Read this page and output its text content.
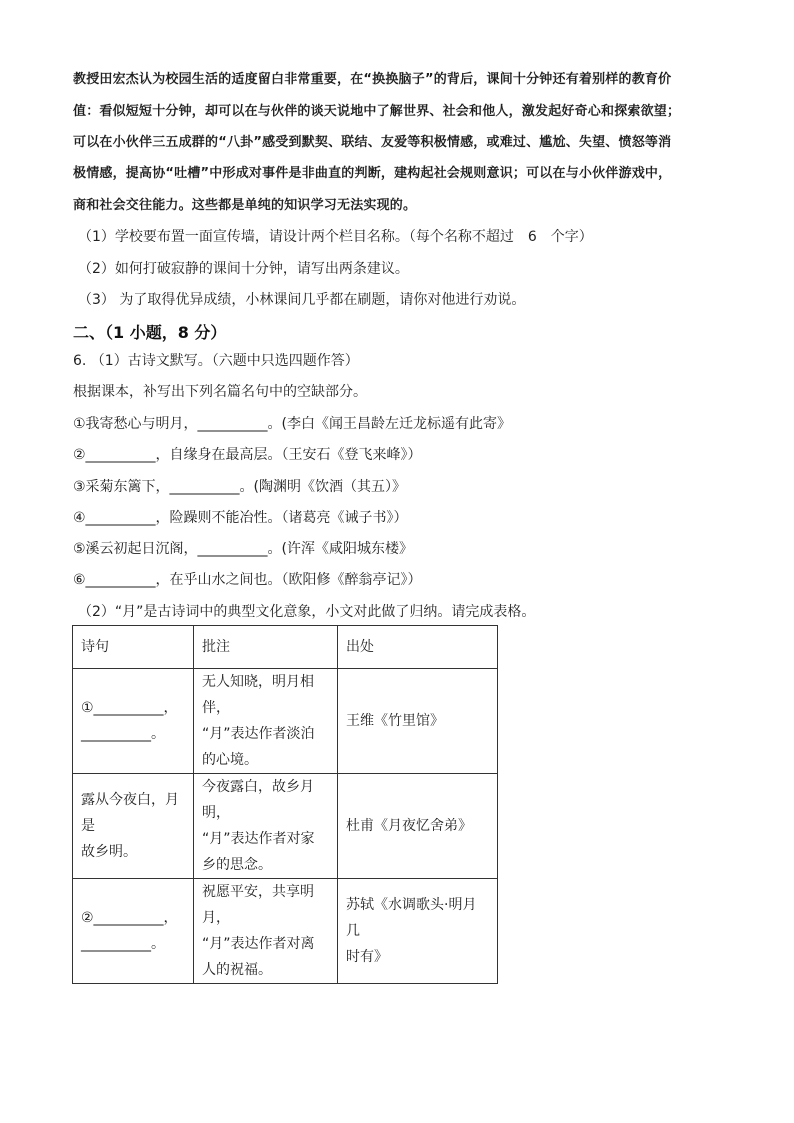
教授田宏杰认为校园生活的适度留白非常重要，在“换换脑子”的背后，课间十分钟还有着别样的教育价
值：看似短短十分钟，却可以在与伙伴的谈天说地中了解世界、社会和他人，激发起好奇心和探索欲望；
可以在小伙伴三五成群的“八卦”感受到默契、联结、友爱等积极情感，或难过、尴尬、失望、愤怒等消
极情感，提高协“吐槽”中形成对事件是非曲直的判断，建构起社会规则意识；可以在与小伙伴游戏中，
商和社会交往能力。这些都是单纯的知识学习无法实现的。
（1）学校要布置一面宣传墙，请设计两个栏目名称。（每个名称不超过　6　个字）
（2）如何打破寂静的课间十分钟，请写出两条建议。
（3） 为了取得优异成绩，小林课间几乎都在刷题，请你对他进行劝说。
二、（1 小题，8 分）
6. （1）古诗文默写。（六题中只选四题作答）
根据课本，补写出下列名篇名句中的空缺部分。
①我寄愁心与明月，__________。(李白《闻王昌龄左迁龙标遥有此寄》
②__________，自缘身在最高层。（王安石《登飞来峰》）
③采菊东篱下，__________。(陶渊明《饮酒（其五）》
④__________，险躁则不能冶性。（诸葛亮《诫子书》）
⑤溪云初起日沉阁，__________。(许浑《咸阳城东楼》
⑥__________，在乎山水之间也。（欧阳修《醉翁亭记》）
（2）“月”是古诗词中的典型文化意象，小文对此做了归纳。请完成表格。
诗句	批注	出处

①__________，
__________。	无人知晓，明月相伴，
“月”表达作者淡泊
的心境。	王维《竹里馆》

露从今夜白，月是
故乡明。	今夜露白，故乡月明，
“月”表达作者对家
乡的思念。	杜甫《月夜忆舍弟》

②__________，
__________。	祝愿平安，共享明月，
“月”表达作者对离
人的祝福。	苏轼《水调歌头·明月几
时有》
